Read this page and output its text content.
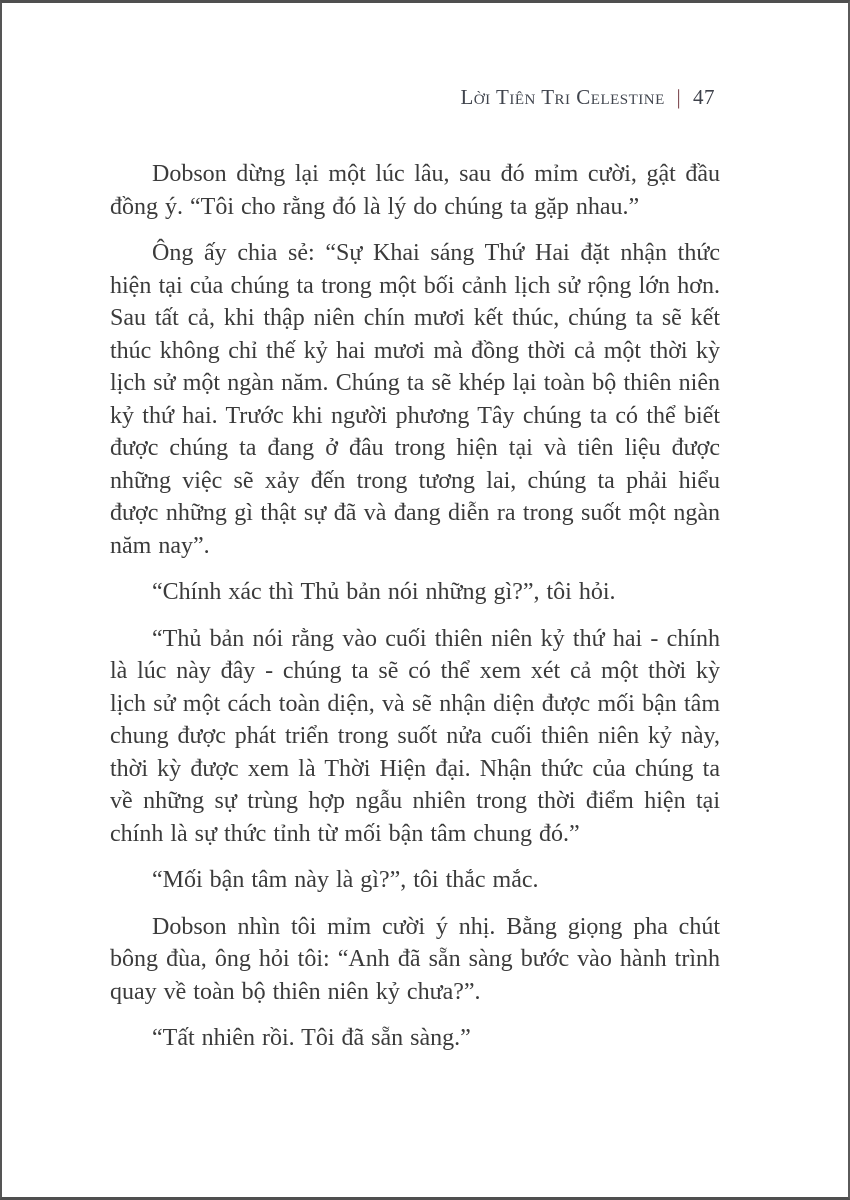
Lời Tiên Tri Celestine | 47

Dobson dừng lại một lúc lâu, sau đó mỉm cười, gật đầu đồng ý. “Tôi cho rằng đó là lý do chúng ta gặp nhau.”

Ông ấy chia sẻ: “Sự Khai sáng Thứ Hai đặt nhận thức hiện tại của chúng ta trong một bối cảnh lịch sử rộng lớn hơn. Sau tất cả, khi thập niên chín mươi kết thúc, chúng ta sẽ kết thúc không chỉ thế kỷ hai mươi mà đồng thời cả một thời kỳ lịch sử một ngàn năm. Chúng ta sẽ khép lại toàn bộ thiên niên kỷ thứ hai. Trước khi người phương Tây chúng ta có thể biết được chúng ta đang ở đâu trong hiện tại và tiên liệu được những việc sẽ xảy đến trong tương lai, chúng ta phải hiểu được những gì thật sự đã và đang diễn ra trong suốt một ngàn năm nay”.

“Chính xác thì Thủ bản nói những gì?”, tôi hỏi.

“Thủ bản nói rằng vào cuối thiên niên kỷ thứ hai - chính là lúc này đây - chúng ta sẽ có thể xem xét cả một thời kỳ lịch sử một cách toàn diện, và sẽ nhận diện được mối bận tâm chung được phát triển trong suốt nửa cuối thiên niên kỷ này, thời kỳ được xem là Thời Hiện đại. Nhận thức của chúng ta về những sự trùng hợp ngẫu nhiên trong thời điểm hiện tại chính là sự thức tỉnh từ mối bận tâm chung đó.”

“Mối bận tâm này là gì?”, tôi thắc mắc.

Dobson nhìn tôi mỉm cười ý nhị. Bằng giọng pha chút bông đùa, ông hỏi tôi: “Anh đã sẵn sàng bước vào hành trình quay về toàn bộ thiên niên kỷ chưa?”.

“Tất nhiên rồi. Tôi đã sẵn sàng.”
